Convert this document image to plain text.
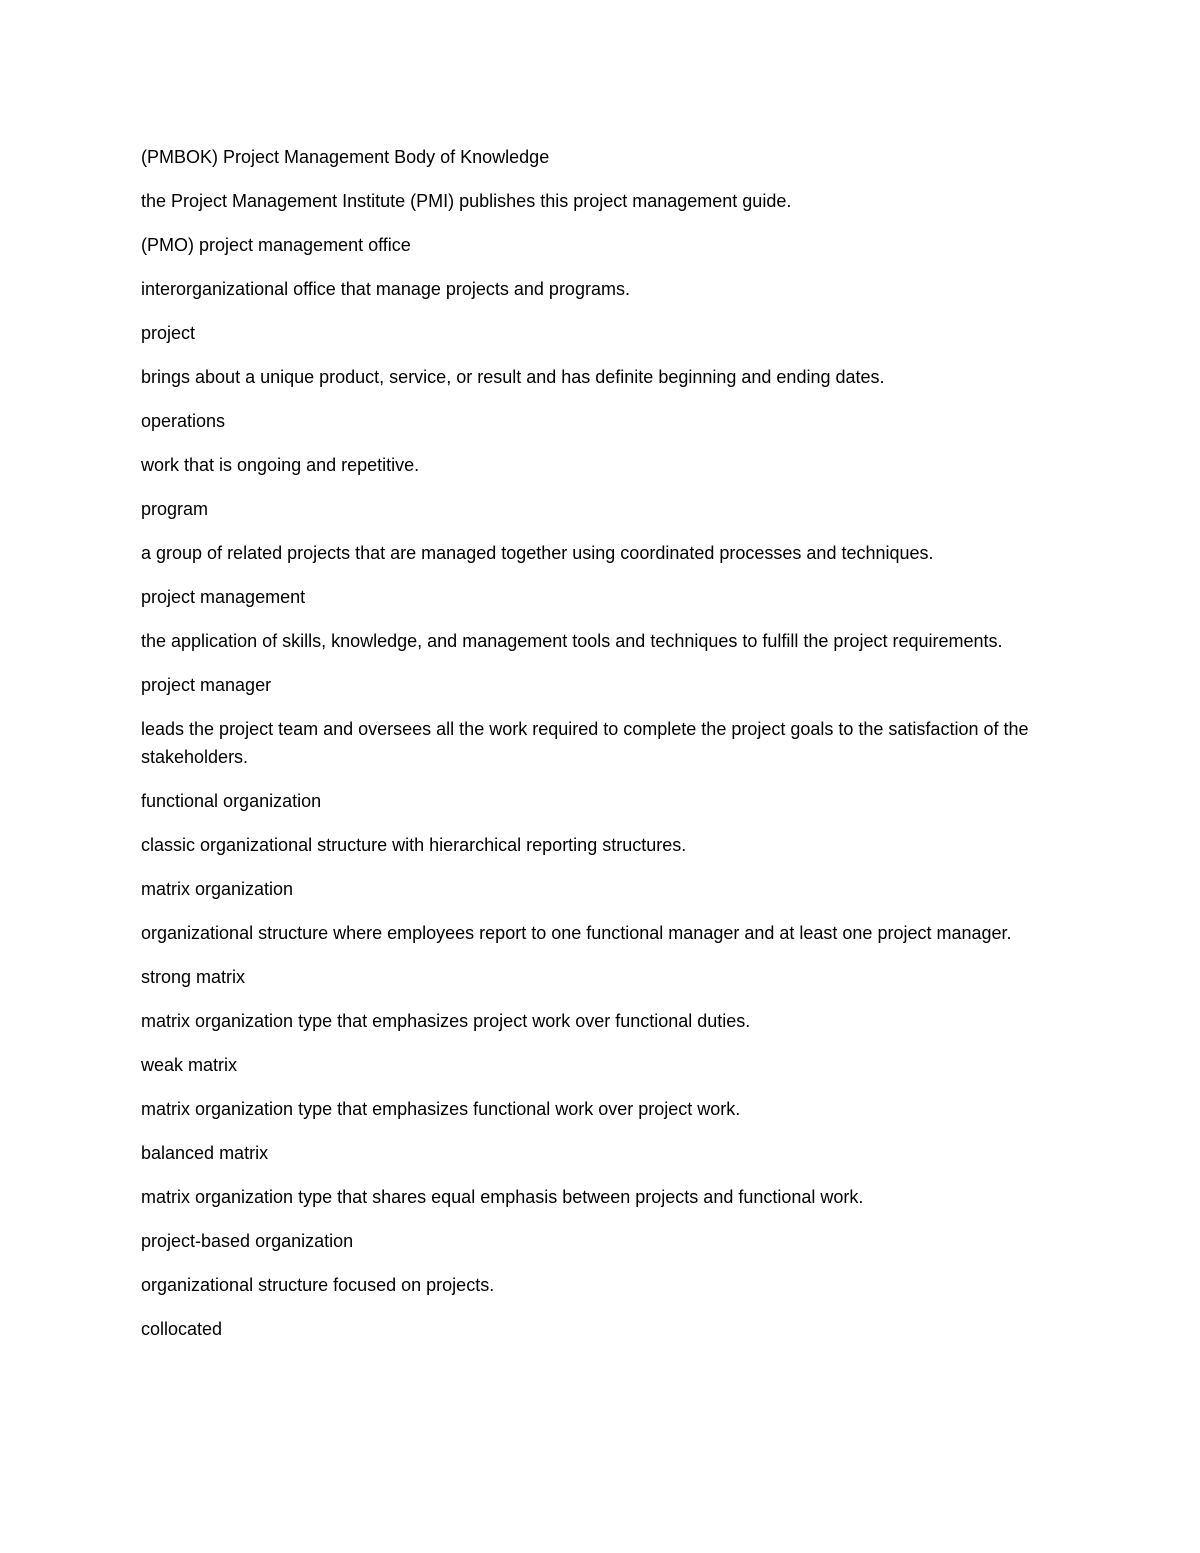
(PMBOK) Project Management Body of Knowledge

the Project Management Institute (PMI) publishes this project management guide.

(PMO) project management office

interorganizational office that manage projects and programs.

project

brings about a unique product, service, or result and has definite beginning and ending dates.

operations

work that is ongoing and repetitive.

program

a group of related projects that are managed together using coordinated processes and techniques.

project management

the application of skills, knowledge, and management tools and techniques to fulfill the project requirements.

project manager

leads the project team and oversees all the work required to complete the project goals to the satisfaction of the stakeholders.

functional organization

classic organizational structure with hierarchical reporting structures.

matrix organization

organizational structure where employees report to one functional manager and at least one project manager.

strong matrix

matrix organization type that emphasizes project work over functional duties.

weak matrix

matrix organization type that emphasizes functional work over project work.

balanced matrix

matrix organization type that shares equal emphasis between projects and functional work.

project-based organization

organizational structure focused on projects.

collocated
